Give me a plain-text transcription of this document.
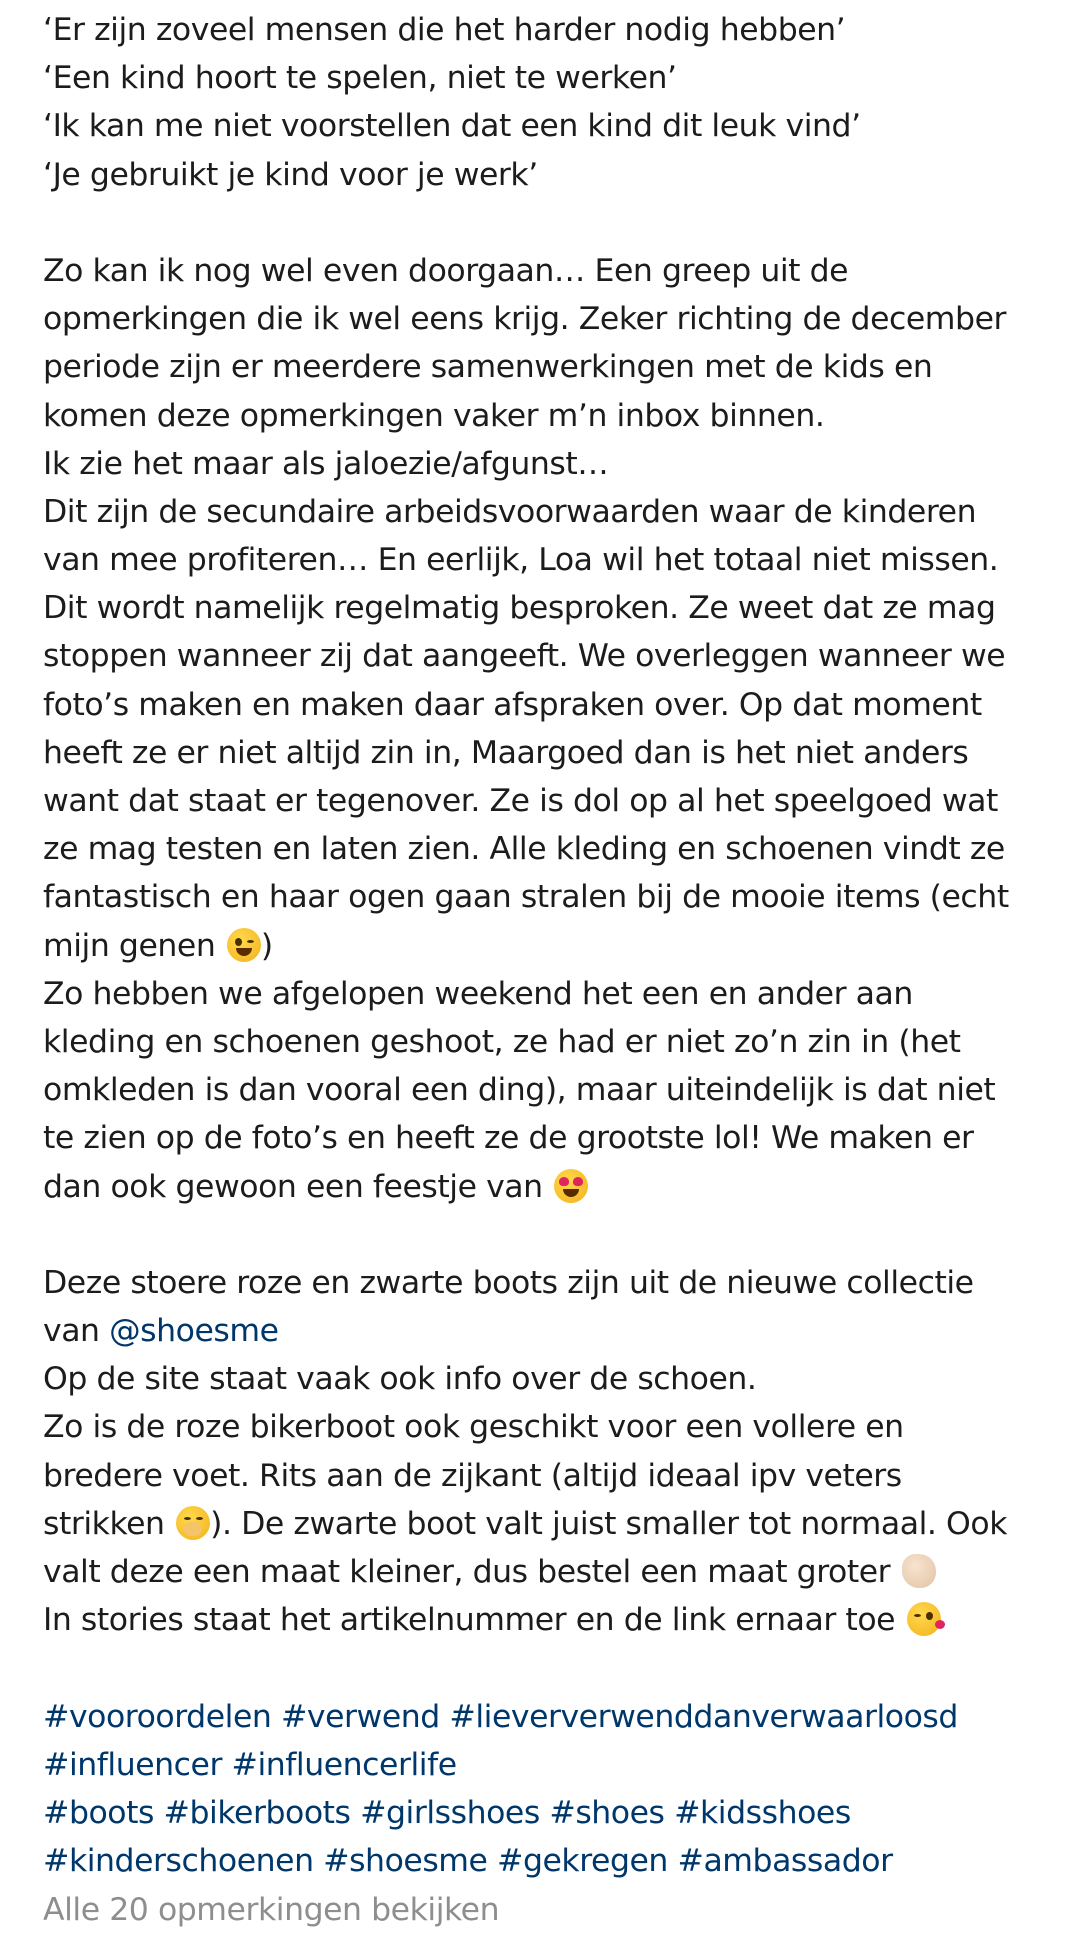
‘Er zijn zoveel mensen die het harder nodig hebben’
‘Een kind hoort te spelen, niet te werken’
‘Ik kan me niet voorstellen dat een kind dit leuk vind’
‘Je gebruikt je kind voor je werk’
Zo kan ik nog wel even doorgaan… Een greep uit de
opmerkingen die ik wel eens krijg. Zeker richting de december
periode zijn er meerdere samenwerkingen met de kids en
komen deze opmerkingen vaker m’n inbox binnen.
Ik zie het maar als jaloezie/afgunst…
Dit zijn de secundaire arbeidsvoorwaarden waar de kinderen
van mee profiteren… En eerlijk, Loa wil het totaal niet missen.
Dit wordt namelijk regelmatig besproken. Ze weet dat ze mag
stoppen wanneer zij dat aangeeft. We overleggen wanneer we
foto’s maken en maken daar afspraken over. Op dat moment
heeft ze er niet altijd zin in, Maargoed dan is het niet anders
want dat staat er tegenover. Ze is dol op al het speelgoed wat
ze mag testen en laten zien. Alle kleding en schoenen vindt ze
fantastisch en haar ogen gaan stralen bij de mooie items (echt
mijn genen
)
Zo hebben we afgelopen weekend het een en ander aan
kleding en schoenen geshoot, ze had er niet zo’n zin in (het
omkleden is dan vooral een ding), maar uiteindelijk is dat niet
te zien op de foto’s en heeft ze de grootste lol! We maken er
dan ook gewoon een feestje van
Deze stoere roze en zwarte boots zijn uit de nieuwe collectie
van @shoesme
Op de site staat vaak ook info over de schoen.
Zo is de roze bikerboot ook geschikt voor een vollere en
bredere voet. Rits aan de zijkant (altijd ideaal ipv veters
strikken
). De zwarte boot valt juist smaller tot normaal. Ook
valt deze een maat kleiner, dus bestel een maat groter
In stories staat het artikelnummer en de link ernaar toe
#vooroordelen #verwend #lieververwenddanverwaarloosd
#influencer #influencerlife
#boots #bikerboots #girlsshoes #shoes #kidsshoes
#kinderschoenen #shoesme #gekregen #ambassador
Alle 20 opmerkingen bekijken
